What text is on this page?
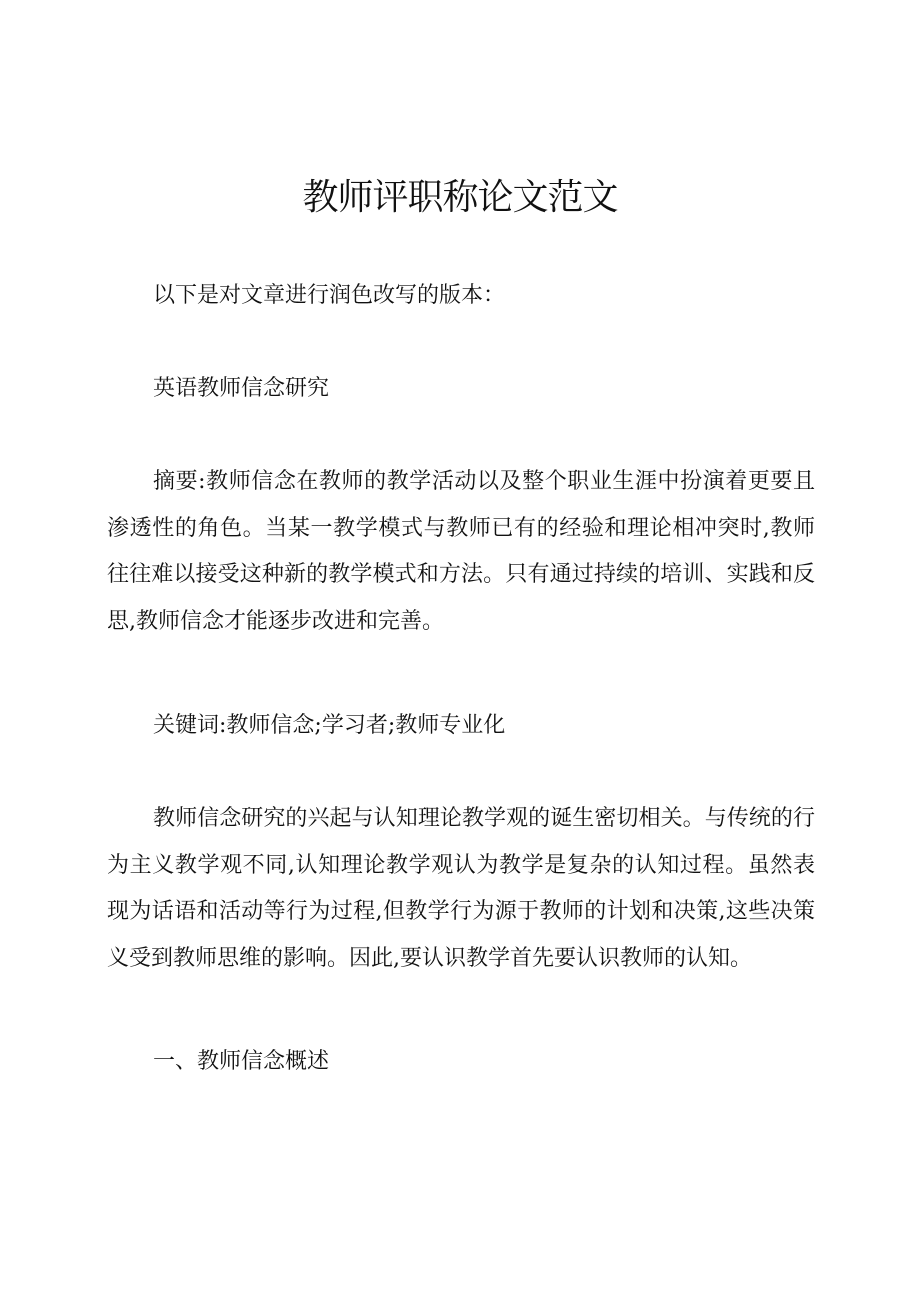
教师评职称论文范文

以下是对文章进行润色改写的版本：

英语教师信念研究

摘要:教师信念在教师的教学活动以及整个职业生涯中扮演着更要且渗透性的角色。当某一教学模式与教师已有的经验和理论相冲突时,教师往往难以接受这种新的教学模式和方法。只有通过持续的培训、实践和反思,教师信念才能逐步改进和完善。

关键词:教师信念;学习者;教师专业化

教师信念研究的兴起与认知理论教学观的诞生密切相关。与传统的行为主义教学观不同,认知理论教学观认为教学是复杂的认知过程。虽然表现为话语和活动等行为过程,但教学行为源于教师的计划和决策,这些决策义受到教师思维的影响。因此,要认识教学首先要认识教师的认知。

一、教师信念概述
